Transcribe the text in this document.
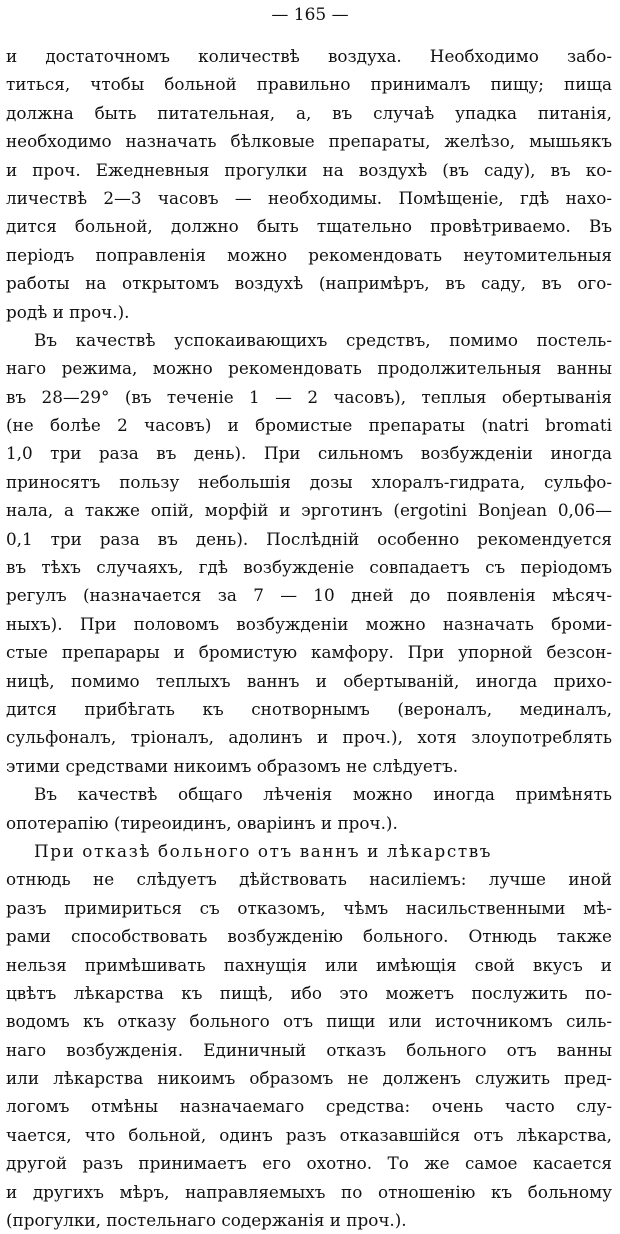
— 165 —
и достаточномъ количествѣ воздуха. Необходимо забо-
титься, чтобы больной правильно принималъ пищу; пища
должна быть питательная, а, въ случаѣ упадка питанія,
необходимо назначать бѣлковые препараты, желѣзо, мышьякъ
и проч. Ежедневныя прогулки на воздухѣ (въ саду), въ ко-
личествѣ 2—3 часовъ — необходимы. Помѣщеніе, гдѣ нахо-
дится больной, должно быть тщательно провѣтриваемо. Въ
періодъ поправленія можно рекомендовать неутомительныя
работы на открытомъ воздухѣ (напримѣръ, въ саду, въ ого-
родѣ и проч.).
Въ качествѣ успокаивающихъ средствъ, помимо постель-
наго режима, можно рекомендовать продолжительныя ванны
въ 28—29° (въ теченіе 1 — 2 часовъ), теплыя обертыванія
(не болѣе 2 часовъ) и бромистые препараты (natri bromati
1,0 три раза въ день). При сильномъ возбужденіи иногда
приносятъ пользу небольшія дозы хлоралъ-гидрата, сульфо-
нала, а также опій, морфій и эрготинъ (ergotini Bonjean 0,06—
0,1 три раза въ день). Послѣдній особенно рекомендуется
въ тѣхъ случаяхъ, гдѣ возбужденіе совпадаетъ съ періодомъ
регулъ (назначается за 7 — 10 дней до появленія мѣсяч-
ныхъ). При половомъ возбужденіи можно назначать броми-
стые препарары и бромистую камфору. При упорной безсон-
ницѣ, помимо теплыхъ ваннъ и обертываній, иногда прихо-
дится прибѣгать къ снотворнымъ (вероналъ, мединалъ,
сульфоналъ, тріоналъ, адолинъ и проч.), хотя злоупотреблять
этими средствами никоимъ образомъ не слѣдуетъ.
Въ качествѣ общаго лѣченія можно иногда примѣнять
опотерапію (тиреоидинъ, оваріинъ и проч.).
При отказѣ больного отъ ваннъ и лѣкарствъ
отнюдь не слѣдуетъ дѣйствовать насиліемъ: лучше иной
разъ примириться съ отказомъ, чѣмъ насильственными мѣ-
рами способствовать возбужденію больного. Отнюдь также
нельзя примѣшивать пахнущія или имѣющія свой вкусъ и
цвѣтъ лѣкарства къ пищѣ, ибо это можетъ послужить по-
водомъ къ отказу больного отъ пищи или источникомъ силь-
наго возбужденія. Единичный отказъ больного отъ ванны
или лѣкарства никоимъ образомъ не долженъ служить пред-
логомъ отмѣны назначаемаго средства: очень часто слу-
чается, что больной, одинъ разъ отказавшійся отъ лѣкарства,
другой разъ принимаетъ его охотно. То же самое касается
и другихъ мѣръ, направляемыхъ по отношенію къ больному
(прогулки, постельнаго содержанія и проч.).
